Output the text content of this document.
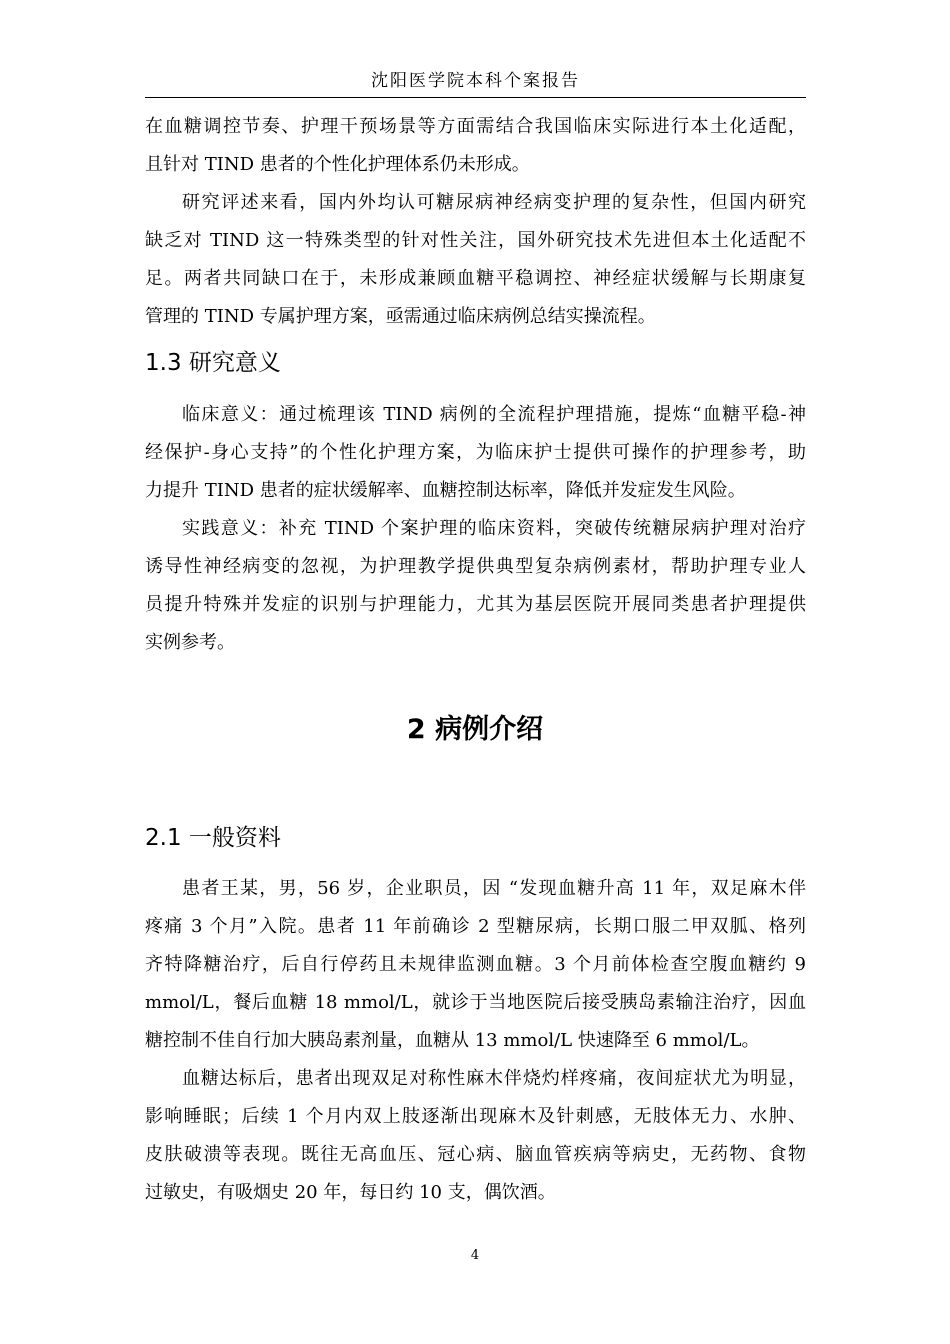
沈阳医学院本科个案报告
在血糖调控节奏、护理干预场景等方面需结合我国临床实际进行本土化适配，
且针对 TIND 患者的个性化护理体系仍未形成。
研究评述来看，国内外均认可糖尿病神经病变护理的复杂性，但国内研究
缺乏对 TIND 这一特殊类型的针对性关注，国外研究技术先进但本土化适配不
足。两者共同缺口在于，未形成兼顾血糖平稳调控、神经症状缓解与长期康复
管理的 TIND 专属护理方案，亟需通过临床病例总结实操流程。
1.3 研究意义
临床意义：通过梳理该 TIND 病例的全流程护理措施，提炼“血糖平稳-神
经保护-身心支持”的个性化护理方案，为临床护士提供可操作的护理参考，助
力提升 TIND 患者的症状缓解率、血糖控制达标率，降低并发症发生风险。
实践意义：补充 TIND 个案护理的临床资料，突破传统糖尿病护理对治疗
诱导性神经病变的忽视，为护理教学提供典型复杂病例素材，帮助护理专业人
员提升特殊并发症的识别与护理能力，尤其为基层医院开展同类患者护理提供
实例参考。
2 病例介绍
2.1 一般资料
患者王某，男，56 岁，企业职员，因 “发现血糖升高 11 年，双足麻木伴
疼痛 3 个月”入院。患者 11 年前确诊 2 型糖尿病，长期口服二甲双胍、格列
齐特降糖治疗，后自行停药且未规律监测血糖。3 个月前体检查空腹血糖约 9
mmol/L，餐后血糖 18 mmol/L，就诊于当地医院后接受胰岛素输注治疗，因血
糖控制不佳自行加大胰岛素剂量，血糖从 13 mmol/L 快速降至 6 mmol/L。
血糖达标后，患者出现双足对称性麻木伴烧灼样疼痛，夜间症状尤为明显，
影响睡眠；后续 1 个月内双上肢逐渐出现麻木及针刺感，无肢体无力、水肿、
皮肤破溃等表现。既往无高血压、冠心病、脑血管疾病等病史，无药物、食物
过敏史，有吸烟史 20 年，每日约 10 支，偶饮酒。
4
